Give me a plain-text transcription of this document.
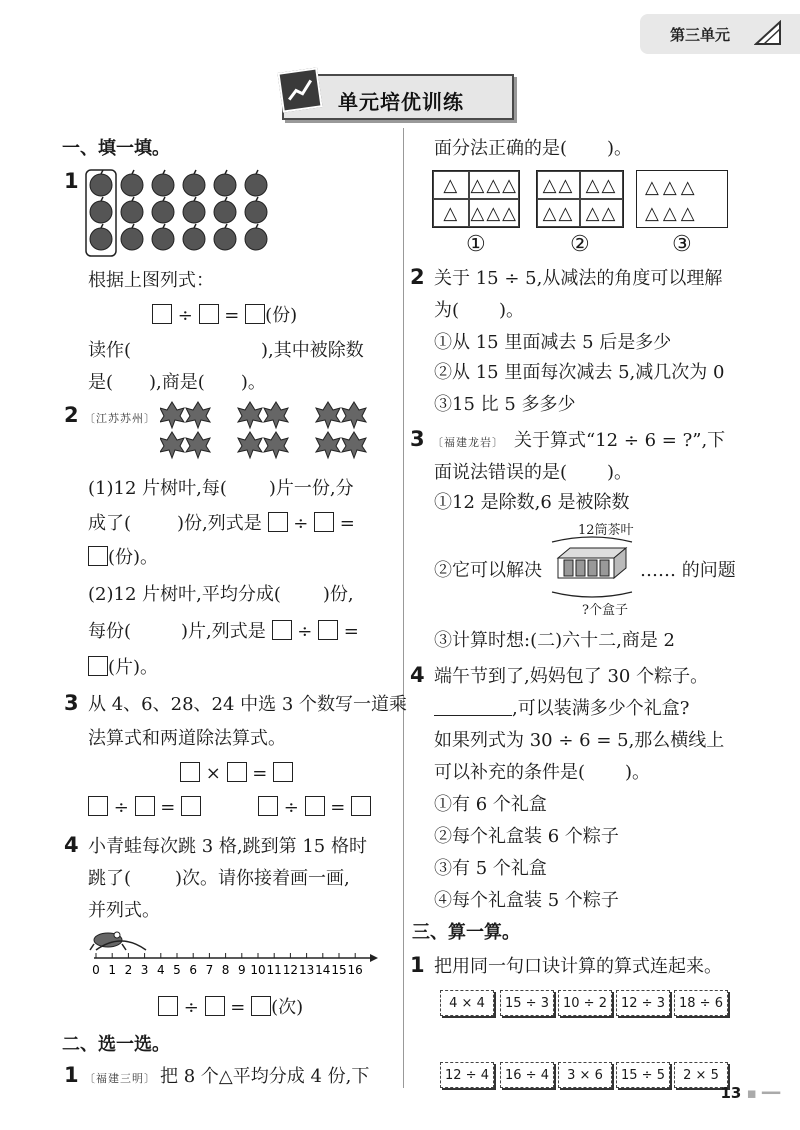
第三单元
单元培优训练
一、填一填。
1
根据上图列式：
÷  = (份)
读作(	),其中被除数
是( ),商是( )。
2 〔江苏苏州〕
(1)12 片树叶,每( )片一份,分
成了(	)份,列式是  ÷  =
(份)。
(2)12 片树叶,平均分成( )份,
每份(	)片,列式是  ÷  =
(片)。
3 从 4、6、28、24 中选 3 个数写一道乘
法算式和两道除法算式。
×  =
÷  =	÷  =
4 小青蛙每次跳 3 格,跳到第 15 格时
跳了( )次。请你接着画一画,
并列式。
0 1 2 3 4 5 6 7 8 9 10 11 12 13 14 15 16
÷  = (次)
二、选一选。
1 〔福建三明〕 把 8 个△平均分成 4 份,下
面分法正确的是( )。
△ △ △ △
△ △ △ △
△ △ △ △
△ △ △ △
△△△
△△△
①	②	③
2 关于 15 ÷ 5,从减法的角度可以理解
为( )。
①从 15 里面减去 5 后是多少
②从 15 里面每次减去 5,减几次为 0
③15 比 5 多多少
3 〔福建龙岩〕 关于算式“12 ÷ 6 = ?”,下
面说法错误的是( )。
①12 是除数,6 是被除数
12筒茶叶
②它可以解决	…… 的问题
?个盒子
③计算时想:(二)六十二,商是 2
4 端午节到了,妈妈包了 30 个粽子。
,可以装满多少个礼盒?
如果列式为 30 ÷ 6 = 5,那么横线上
可以补充的条件是( )。
①有 6 个礼盒
②每个礼盒装 6 个粽子
③有 5 个礼盒
④每个礼盒装 5 个粽子
三、算一算。
1 把用同一句口诀计算的算式连起来。
4 × 4	15 ÷ 3	10 ÷ 2	12 ÷ 3	18 ÷ 6
12 ÷ 4	16 ÷ 4	3 × 6	15 ÷ 5	2 × 5
13 ▪ ━━
